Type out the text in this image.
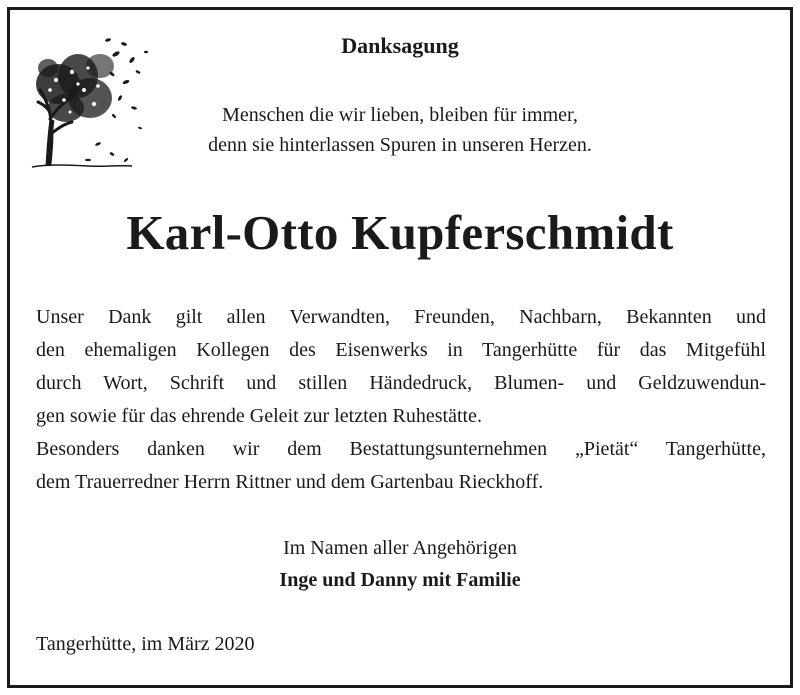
Danksagung
Menschen die wir lieben, bleiben für immer,
denn sie hinterlassen Spuren in unseren Herzen.
Karl-Otto Kupferschmidt
Unser Dank gilt allen Verwandten, Freunden, Nachbarn, Bekannten und
den ehemaligen Kollegen des Eisenwerks in Tangerhütte für das Mitgefühl
durch Wort, Schrift und stillen Händedruck, Blumen- und Geldzuwendun-
gen sowie für das ehrende Geleit zur letzten Ruhestätte.
Besonders danken wir dem Bestattungsunternehmen „Pietät“ Tangerhütte,
dem Trauerredner Herrn Rittner und dem Gartenbau Rieckhoff.
Im Namen aller Angehörigen
Inge und Danny mit Familie
Tangerhütte, im März 2020
